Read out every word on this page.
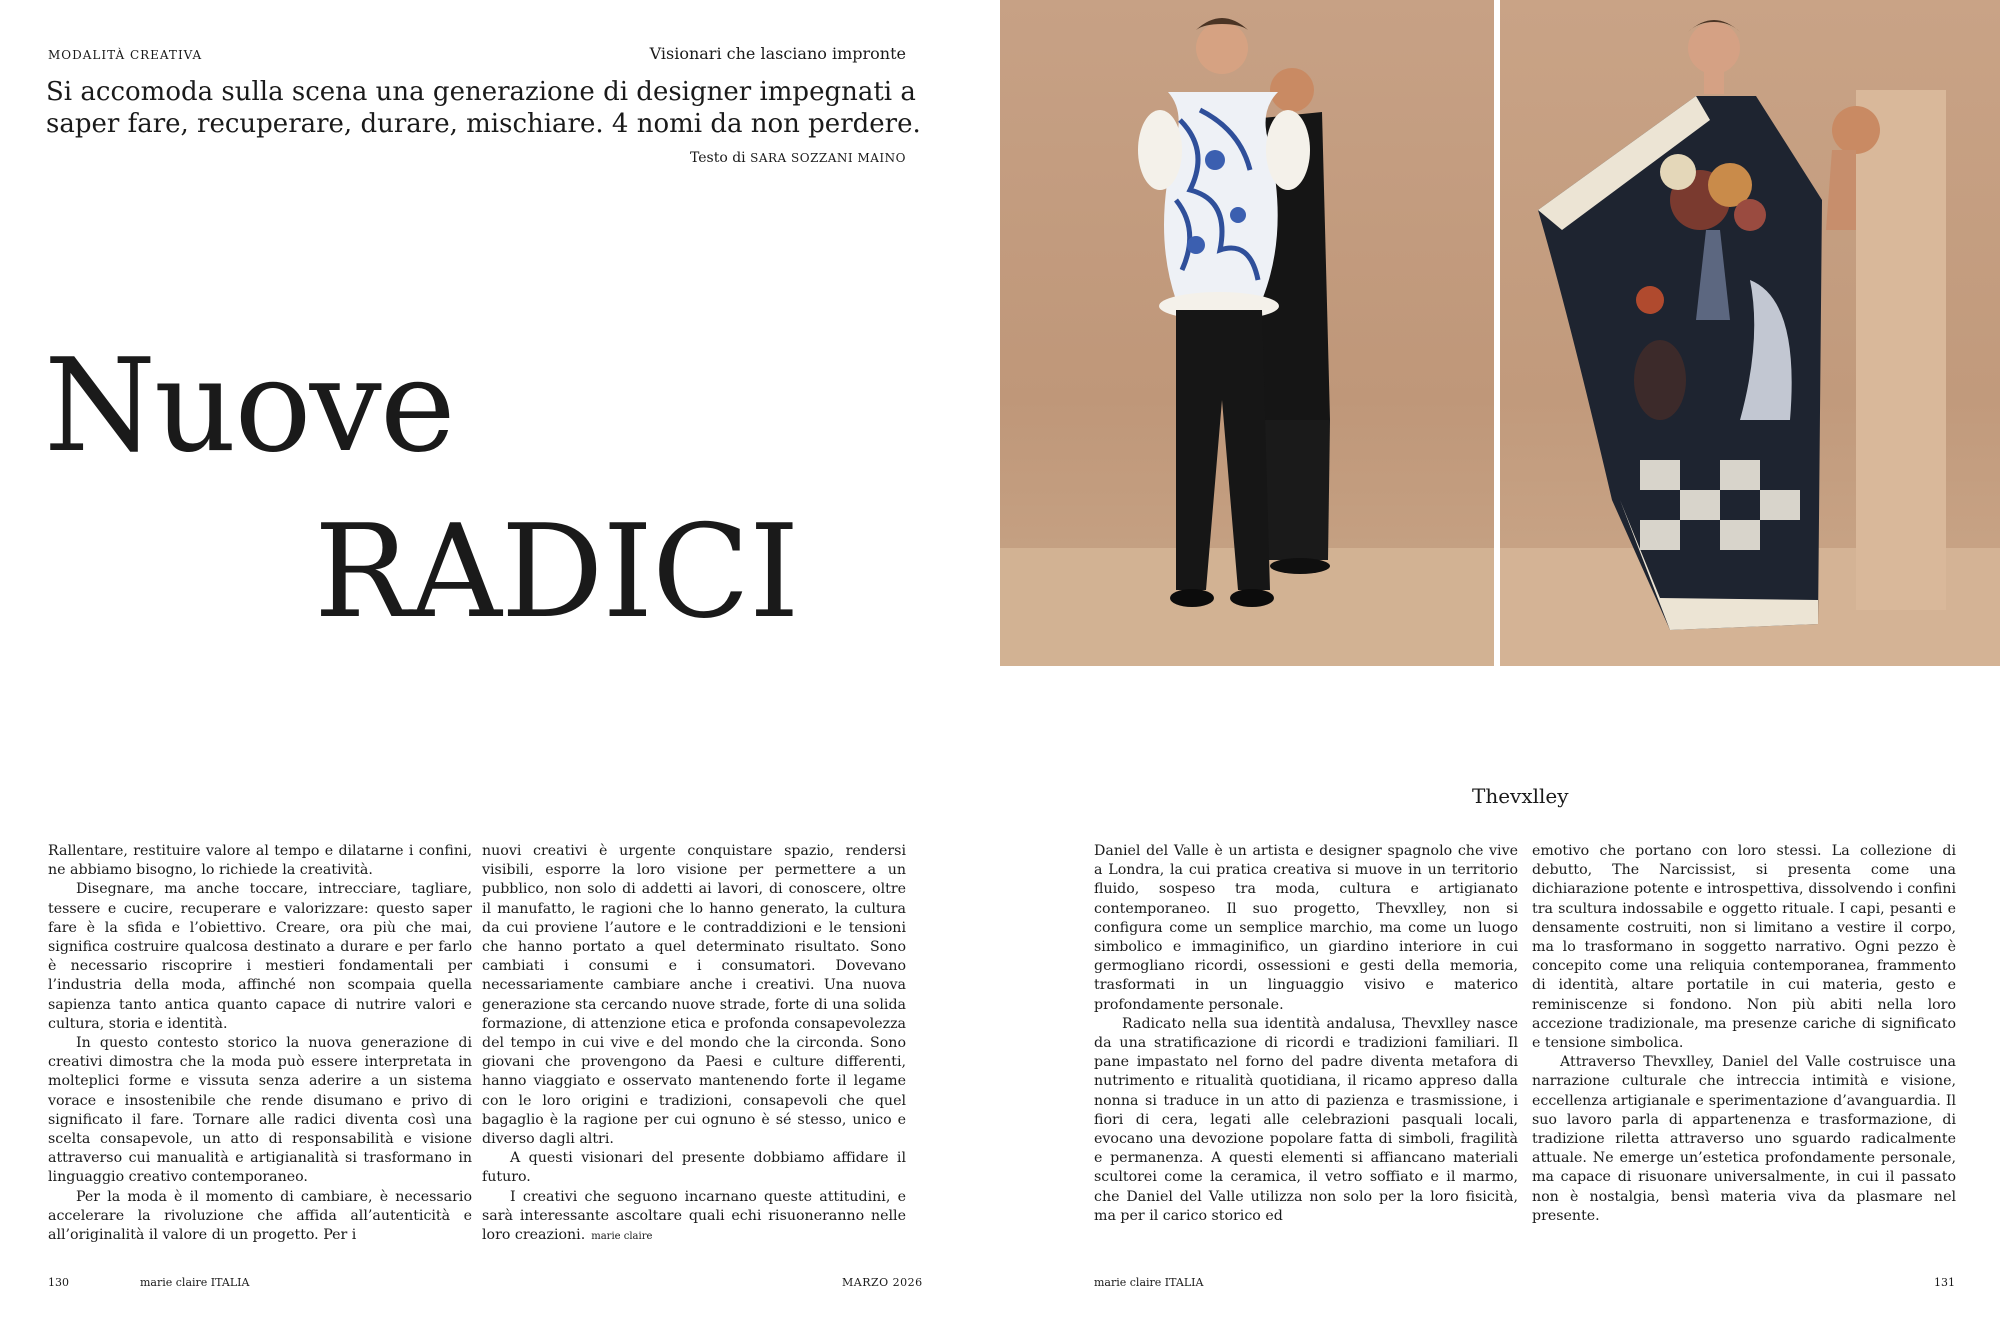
MODALITÀ CREATIVA	Visionari che lasciano impronte
Si accomoda sulla scena una generazione di designer impegnati a saper fare, recuperare, durare, mischiare. 4 nomi da non perdere.
Testo di SARA SOZZANI MAINO
Nuove
RADICI

Rallentare, restituire valore al tempo e dilatarne i confini, ne abbiamo bisogno, lo richiede la creatività.

Disegnare, ma anche toccare, intrecciare, tagliare, tessere e cucire, recuperare e valorizzare: questo saper fare è la sfida e l’obiettivo. Creare, ora più che mai, significa costruire qualcosa destinato a durare e per farlo è necessario riscoprire i mestieri fondamentali per l’industria della moda, affinché non scompaia quella sapienza tanto antica quanto capace di nutrire valori e cultura, storia e identità.

In questo contesto storico la nuova generazione di creativi dimostra che la moda può essere interpretata in molteplici forme e vissuta senza aderire a un sistema vorace e insostenibile che rende disumano e privo di significato il fare. Tornare alle radici diventa così una scelta consapevole, un atto di responsabilità e visione attraverso cui manualità e artigianalità si trasformano in linguaggio creativo contemporaneo.

Per la moda è il momento di cambiare, è necessario accelerare la rivoluzione che affida all’autenticità e all’originalità il valore di un progetto. Per i

nuovi creativi è urgente conquistare spazio, rendersi visibili, esporre la loro visione per permettere a un pubblico, non solo di addetti ai lavori, di conoscere, oltre il manufatto, le ragioni che lo hanno generato, la cultura da cui proviene l’autore e le contraddizioni e le tensioni che hanno portato a quel determinato risultato. Sono cambiati i consumi e i consumatori. Dovevano necessariamente cambiare anche i creativi. Una nuova generazione sta cercando nuove strade, forte di una solida formazione, di attenzione etica e profonda consapevolezza del tempo in cui vive e del mondo che la circonda. Sono giovani che provengono da Paesi e culture differenti, hanno viaggiato e osservato mantenendo forte il legame con le loro origini e tradizioni, consapevoli che quel bagaglio è la ragione per cui ognuno è sé stesso, unico e diverso dagli altri.

A questi visionari del presente dobbiamo affidare il futuro.

I creativi che seguono incarnano queste attitudini, e sarà interessante ascoltare quali echi risuoneranno nelle loro creazioni. marie claire

130	marie claire ITALIA	MARZO 2026
Thevxlley

Daniel del Valle è un artista e designer spagnolo che vive a Londra, la cui pratica creativa si muove in un territorio fluido, sospeso tra moda, cultura e artigianato contemporaneo. Il suo progetto, Thevxlley, non si configura come un semplice marchio, ma come un luogo simbolico e immaginifico, un giardino interiore in cui germogliano ricordi, ossessioni e gesti della memoria, trasformati in un linguaggio visivo e materico profondamente personale.

Radicato nella sua identità andalusa, Thevxlley nasce da una stratificazione di ricordi e tradizioni familiari. Il pane impastato nel forno del padre diventa metafora di nutrimento e ritualità quotidiana, il ricamo appreso dalla nonna si traduce in un atto di pazienza e trasmissione, i fiori di cera, legati alle celebrazioni pasquali locali, evocano una devozione popolare fatta di simboli, fragilità e permanenza. A questi elementi si affiancano materiali scultorei come la ceramica, il vetro soffiato e il marmo, che Daniel del Valle utilizza non solo per la loro fisicità, ma per il carico storico ed

emotivo che portano con loro stessi. La collezione di debutto, The Narcissist, si presenta come una dichiarazione potente e introspettiva, dissolvendo i confini tra scultura indossabile e oggetto rituale. I capi, pesanti e densamente costruiti, non si limitano a vestire il corpo, ma lo trasformano in soggetto narrativo. Ogni pezzo è concepito come una reliquia contemporanea, frammento di identità, altare portatile in cui materia, gesto e reminiscenze si fondono. Non più abiti nella loro accezione tradizionale, ma presenze cariche di significato e tensione simbolica.

Attraverso Thevxlley, Daniel del Valle costruisce una narrazione culturale che intreccia intimità e visione, eccellenza artigianale e sperimentazione d’avanguardia. Il suo lavoro parla di appartenenza e trasformazione, di tradizione riletta attraverso uno sguardo radicalmente attuale. Ne emerge un’estetica profondamente personale, ma capace di risuonare universalmente, in cui il passato non è nostalgia, bensì materia viva da plasmare nel presente.

marie claire ITALIA	131
